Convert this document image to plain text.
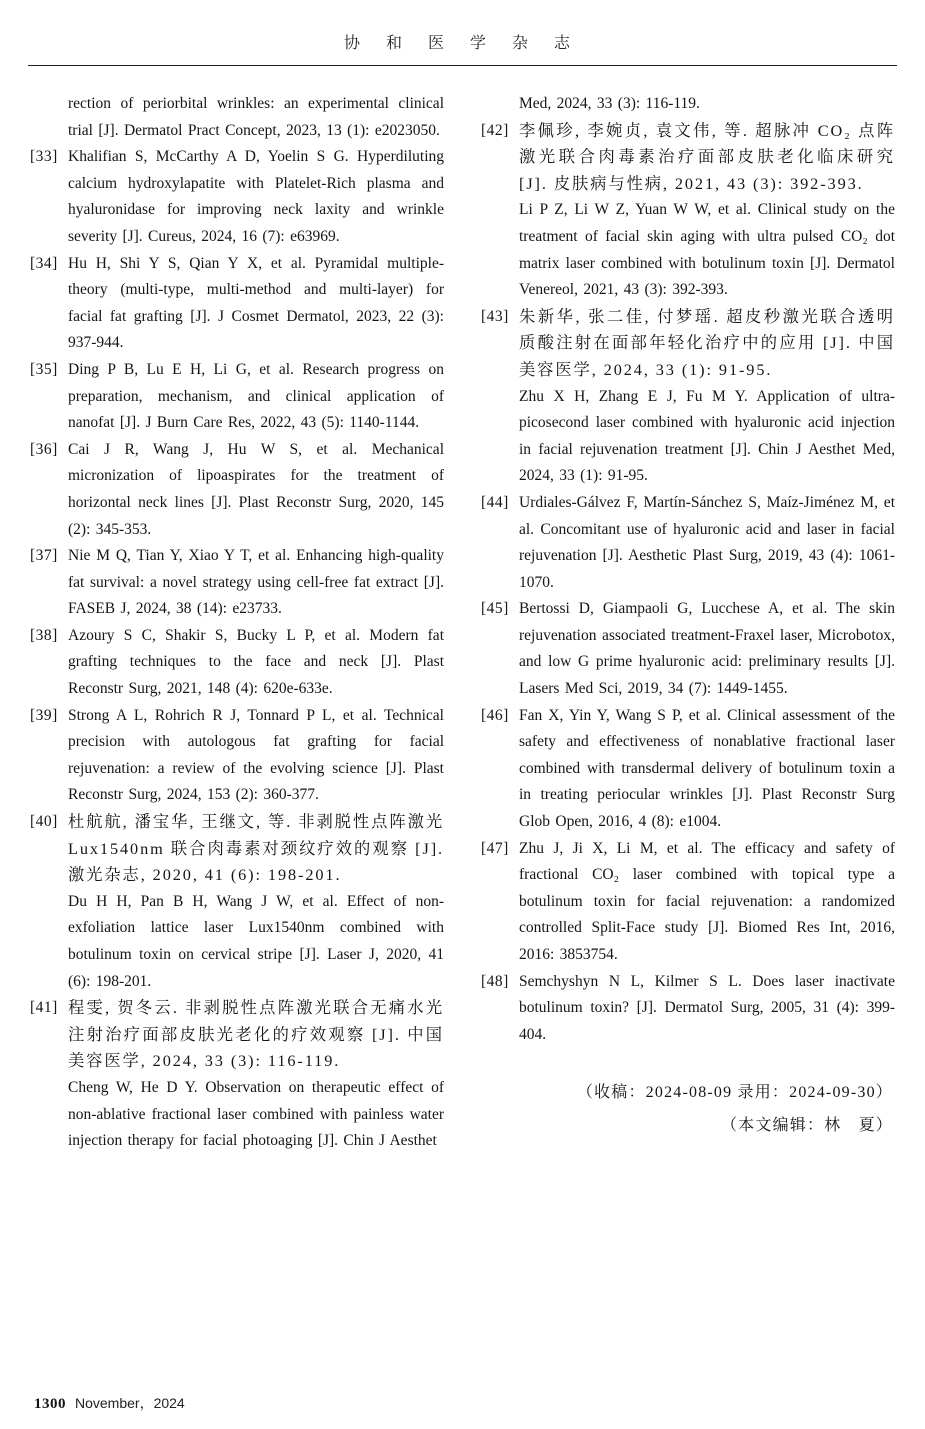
协 和 医 学 杂 志

rection of periorbital wrinkles: an experimental clinical trial [J]. Dermatol Pract Concept, 2023, 13 (1): e2023050.

[33] Khalifian S, McCarthy A D, Yoelin S G. Hyperdiluting calcium hydroxylapatite with Platelet-Rich plasma and hyaluronidase for improving neck laxity and wrinkle severity [J]. Cureus, 2024, 16 (7): e63969.

[34] Hu H, Shi Y S, Qian Y X, et al. Pyramidal multiple-theory (multi-type, multi-method and multi-layer) for facial fat grafting [J]. J Cosmet Dermatol, 2023, 22 (3): 937-944.

[35] Ding P B, Lu E H, Li G, et al. Research progress on preparation, mechanism, and clinical application of nanofat [J]. J Burn Care Res, 2022, 43 (5): 1140-1144.

[36] Cai J R, Wang J, Hu W S, et al. Mechanical micronization of lipoaspirates for the treatment of horizontal neck lines [J]. Plast Reconstr Surg, 2020, 145 (2): 345-353.

[37] Nie M Q, Tian Y, Xiao Y T, et al. Enhancing high-quality fat survival: a novel strategy using cell-free fat extract [J]. FASEB J, 2024, 38 (14): e23733.

[38] Azoury S C, Shakir S, Bucky L P, et al. Modern fat grafting techniques to the face and neck [J]. Plast Reconstr Surg, 2021, 148 (4): 620e-633e.

[39] Strong A L, Rohrich R J, Tonnard P L, et al. Technical precision with autologous fat grafting for facial rejuvenation: a review of the evolving science [J]. Plast Reconstr Surg, 2024, 153 (2): 360-377.

[40] 杜航航, 潘宝华, 王继文, 等. 非剥脱性点阵激光 Lux1540nm 联合肉毒素对颈纹疗效的观察 [J]. 激光杂志, 2020, 41 (6): 198-201.

Du H H, Pan B H, Wang J W, et al. Effect of non-exfoliation lattice laser Lux1540nm combined with botulinum toxin on cervical stripe [J]. Laser J, 2020, 41 (6): 198-201.

[41] 程雯, 贺冬云. 非剥脱性点阵激光联合无痛水光注射治疗面部皮肤光老化的疗效观察 [J]. 中国美容医学, 2024, 33 (3): 116-119.

Cheng W, He D Y. Observation on therapeutic effect of non-ablative fractional laser combined with painless water injection therapy for facial photoaging [J]. Chin J Aesthet

Med, 2024, 33 (3): 116-119.

[42] 李佩珍, 李婉贞, 袁文伟, 等. 超脉冲 CO₂ 点阵激光联合肉毒素治疗面部皮肤老化临床研究 [J]. 皮肤病与性病, 2021, 43 (3): 392-393.

Li P Z, Li W Z, Yuan W W, et al. Clinical study on the treatment of facial skin aging with ultra pulsed CO₂ dot matrix laser combined with botulinum toxin [J]. Dermatol Venereol, 2021, 43 (3): 392-393.

[43] 朱新华, 张二佳, 付梦瑶. 超皮秒激光联合透明质酸注射在面部年轻化治疗中的应用 [J]. 中国美容医学, 2024, 33 (1): 91-95.

Zhu X H, Zhang E J, Fu M Y. Application of ultra-picosecond laser combined with hyaluronic acid injection in facial rejuvenation treatment [J]. Chin J Aesthet Med, 2024, 33 (1): 91-95.

[44] Urdiales-Gálvez F, Martín-Sánchez S, Maíz-Jiménez M, et al. Concomitant use of hyaluronic acid and laser in facial rejuvenation [J]. Aesthetic Plast Surg, 2019, 43 (4): 1061-1070.

[45] Bertossi D, Giampaoli G, Lucchese A, et al. The skin rejuvenation associated treatment-Fraxel laser, Microbotox, and low G prime hyaluronic acid: preliminary results [J]. Lasers Med Sci, 2019, 34 (7): 1449-1455.

[46] Fan X, Yin Y, Wang S P, et al. Clinical assessment of the safety and effectiveness of nonablative fractional laser combined with transdermal delivery of botulinum toxin a in treating periocular wrinkles [J]. Plast Reconstr Surg Glob Open, 2016, 4 (8): e1004.

[47] Zhu J, Ji X, Li M, et al. The efficacy and safety of fractional CO₂ laser combined with topical type a botulinum toxin for facial rejuvenation: a randomized controlled Split-Face study [J]. Biomed Res Int, 2016, 2016: 3853754.

[48] Semchyshyn N L, Kilmer S L. Does laser inactivate botulinum toxin? [J]. Dermatol Surg, 2005, 31 (4): 399-404.

（收稿：2024-08-09 录用：2024-09-30）
（本文编辑：林　夏）
1300 November，2024
